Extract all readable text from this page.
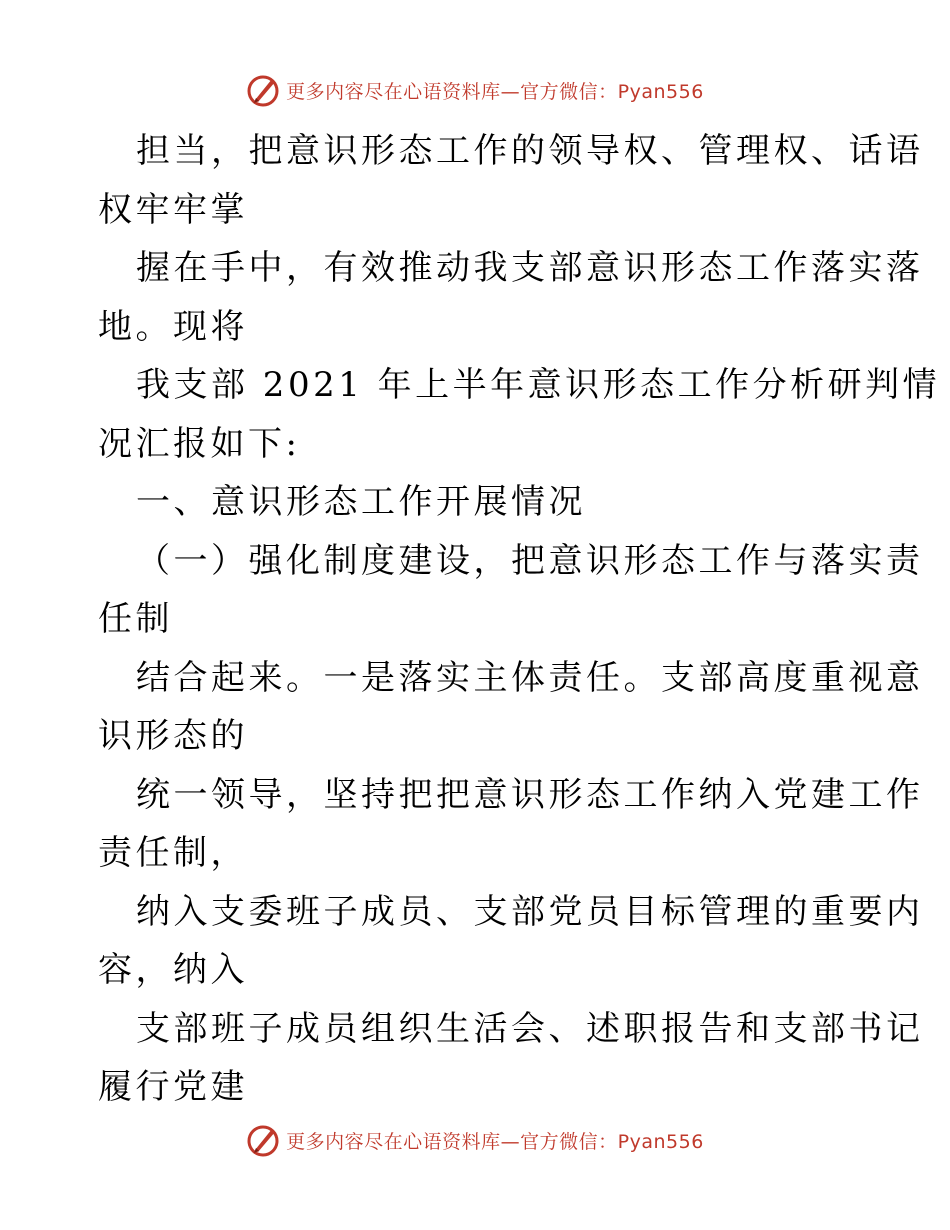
更多内容尽在心语资料库—官方微信：Pyan556
担当，把意识形态工作的领导权、管理权、话语
权牢牢掌
握在手中，有效推动我支部意识形态工作落实落
地。现将
我支部 2021 年上半年意识形态工作分析研判情
况汇报如下:
一、意识形态工作开展情况
（一）强化制度建设，把意识形态工作与落实责
任制
结合起来。一是落实主体责任。支部高度重视意
识形态的
统一领导，坚持把把意识形态工作纳入党建工作
责任制，
纳入支委班子成员、支部党员目标管理的重要内
容，纳入
支部班子成员组织生活会、述职报告和支部书记
履行党建
更多内容尽在心语资料库—官方微信：Pyan556
